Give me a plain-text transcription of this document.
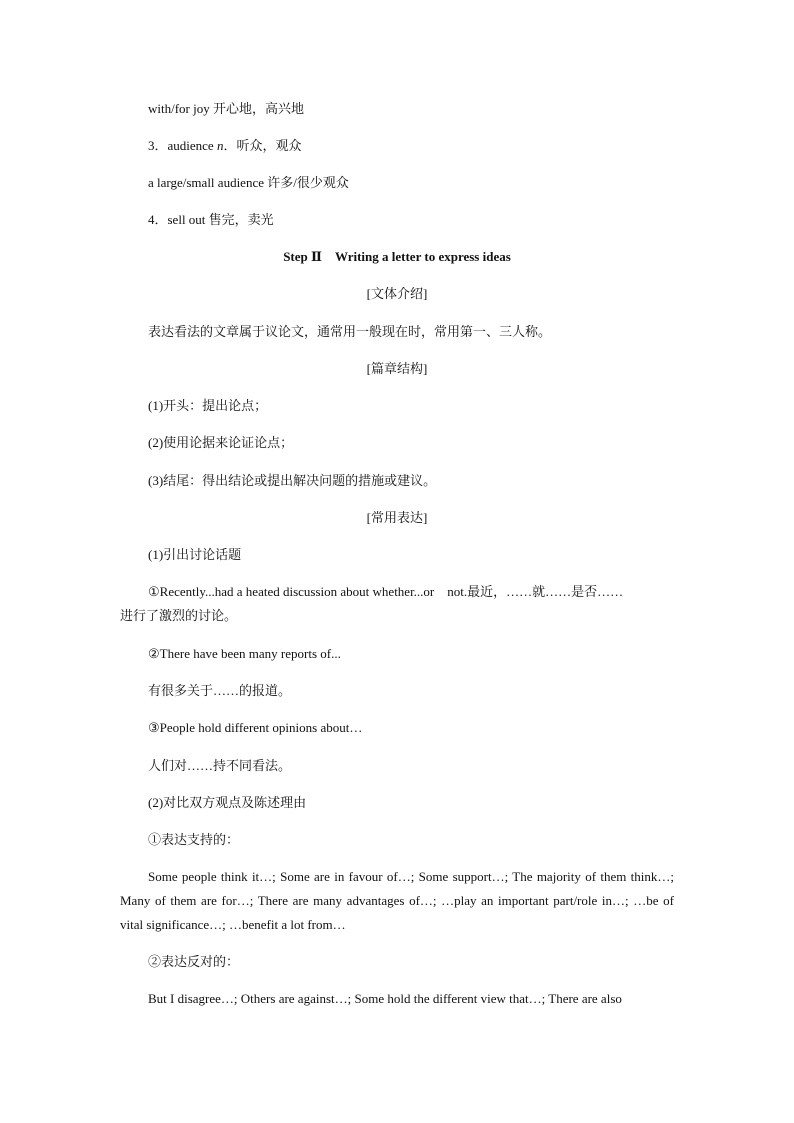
with/for joy 开心地，高兴地
3．audience n．听众，观众
a large/small audience 许多/很少观众
4．sell out 售完，卖光
Step Ⅱ　Writing a letter to express ideas
[文体介绍]
表达看法的文章属于议论文，通常用一般现在时，常用第一、三人称。
[篇章结构]
(1)开头：提出论点；
(2)使用论据来论证论点；
(3)结尾：得出结论或提出解决问题的措施或建议。
[常用表达]
(1)引出讨论话题
①Recently...had a heated discussion about whether...or　not.最近，……就……是否……
进行了激烈的讨论。
②There have been many reports of...
有很多关于……的报道。
③People hold different opinions about…
人们对……持不同看法。
(2)对比双方观点及陈述理由
①表达支持的：
Some people think it…; Some are in favour of…; Some support…; The majority of them think…; Many of them are for…; There are many advantages of…; …play an important part/role in…; …be of vital significance…; …benefit a lot from…
②表达反对的：
But I disagree…; Others are against…; Some hold the different view that…; There are also
